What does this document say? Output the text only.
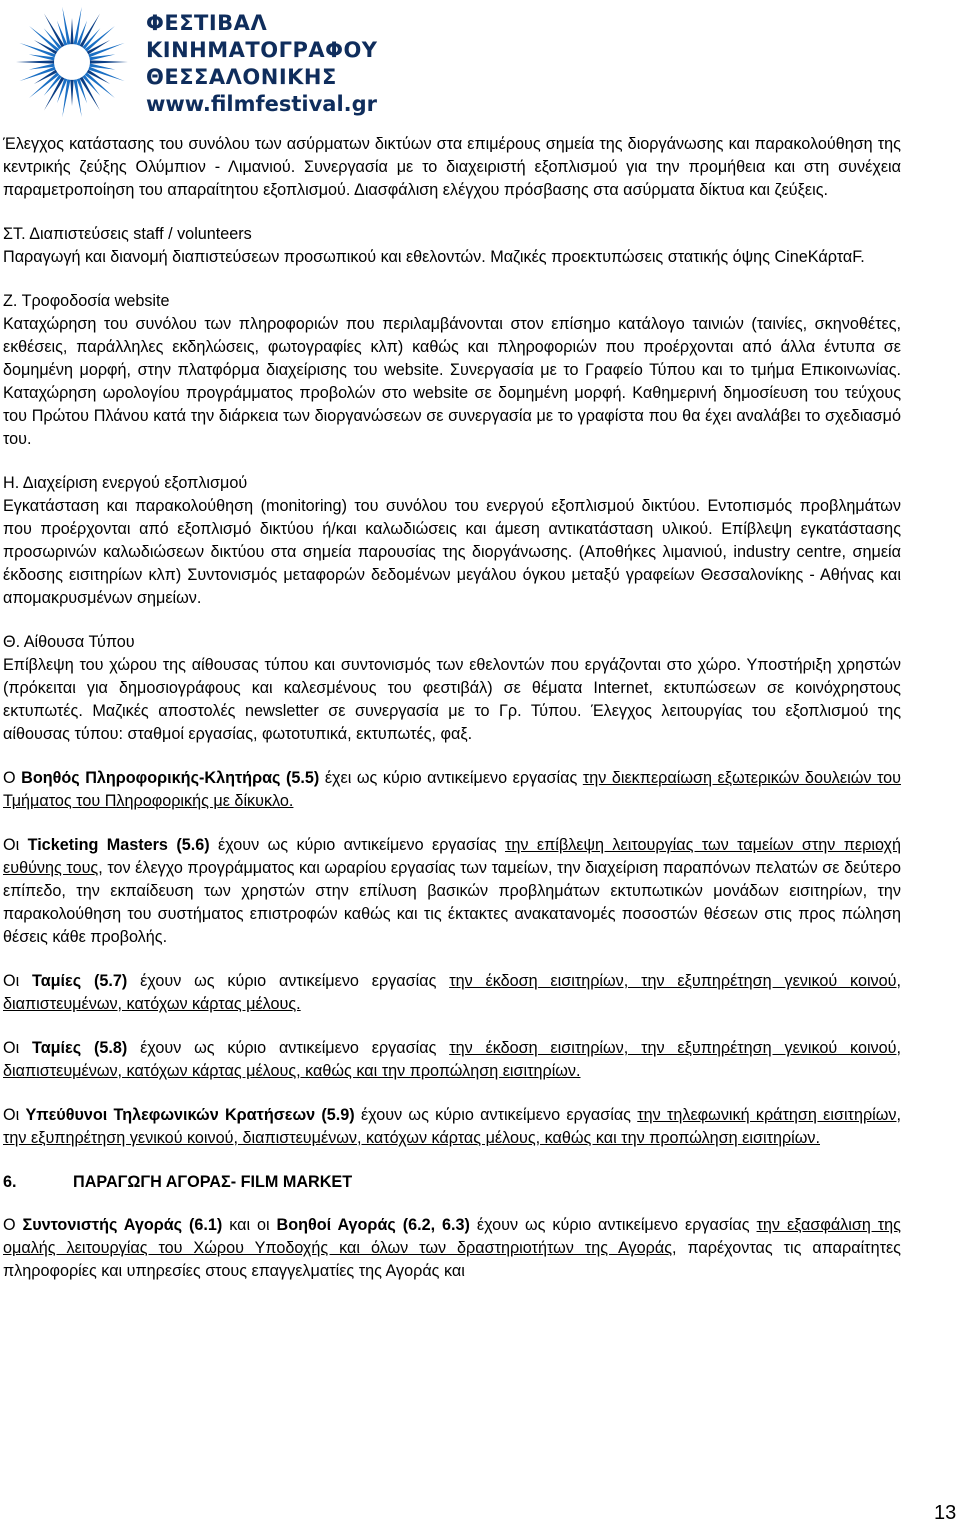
ΦΕΣΤΙΒΑΛ
ΚΙΝΗΜΑΤΟΓΡΑΦΟΥ
ΘΕΣΣΑΛΟΝΙΚΗΣ
www.filmfestival.gr

Έλεγχος κατάστασης του συνόλου των ασύρματων δικτύων στα επιμέρους σημεία της διοργάνωσης και παρακολούθηση της κεντρικής ζεύξης Ολύμπιον - Λιμανιού. Συνεργασία με το διαχειριστή εξοπλισμού για την προμήθεια και στη συνέχεια παραμετροποίηση του απαραίτητου εξοπλισμού. Διασφάλιση ελέγχου πρόσβασης στα ασύρματα δίκτυα και ζεύξεις.

ΣΤ. Διαπιστεύσεις staff / volunteers
Παραγωγή και διανομή διαπιστεύσεων προσωπικού και εθελοντών. Μαζικές προεκτυπώσεις στατικής όψης CineΚάρταF.

Ζ. Τροφοδοσία website
Καταχώρηση του συνόλου των πληροφοριών που περιλαμβάνονται στον επίσημο κατάλογο ταινιών (ταινίες, σκηνοθέτες, εκθέσεις, παράλληλες εκδηλώσεις, φωτογραφίες κλπ) καθώς και πληροφοριών που προέρχονται από άλλα έντυπα σε δομημένη μορφή, στην πλατφόρμα διαχείρισης του website. Συνεργασία με το Γραφείο Τύπου και το τμήμα Επικοινωνίας. Καταχώρηση ωρολογίου προγράμματος προβολών στο website σε δομημένη μορφή. Καθημερινή δημοσίευση του τεύχους του Πρώτου Πλάνου κατά την διάρκεια των διοργανώσεων σε συνεργασία με το γραφίστα που θα έχει αναλάβει το σχεδιασμό του.

Η. Διαχείριση ενεργού εξοπλισμού
Εγκατάσταση και παρακολούθηση (monitoring) του συνόλου του ενεργού εξοπλισμού δικτύου. Εντοπισμός προβλημάτων που προέρχονται από εξοπλισμό δικτύου ή/και καλωδιώσεις και άμεση αντικατάσταση υλικού. Επίβλεψη εγκατάστασης προσωρινών καλωδιώσεων δικτύου στα σημεία παρουσίας της διοργάνωσης. (Αποθήκες λιμανιού, industry centre, σημεία έκδοσης εισιτηρίων κλπ) Συντονισμός μεταφορών δεδομένων μεγάλου όγκου μεταξύ γραφείων Θεσσαλονίκης - Αθήνας και απομακρυσμένων σημείων.

Θ. Αίθουσα Τύπου
Επίβλεψη του χώρου της αίθουσας τύπου και συντονισμός των εθελοντών που εργάζονται στο χώρο. Υποστήριξη χρηστών (πρόκειται για δημοσιογράφους και καλεσμένους του φεστιβάλ) σε θέματα Internet, εκτυπώσεων σε κοινόχρηστους εκτυπωτές. Μαζικές αποστολές newsletter σε συνεργασία με το Γρ. Τύπου. Έλεγχος λειτουργίας του εξοπλισμού της αίθουσας τύπου: σταθμοί εργασίας, φωτοτυπικά, εκτυπωτές, φαξ.

Ο Βοηθός Πληροφορικής-Κλητήρας (5.5) έχει ως κύριο αντικείμενο εργασίας την διεκπεραίωση εξωτερικών δουλειών του Τμήματος του Πληροφορικής με δίκυκλο.

Οι Ticketing Masters (5.6) έχουν ως κύριο αντικείμενο εργασίας την επίβλεψη λειτουργίας των ταμείων στην περιοχή ευθύνης τους, τον έλεγχο προγράμματος και ωραρίου εργασίας των ταμείων, την διαχείριση παραπόνων πελατών σε δεύτερο επίπεδο, την εκπαίδευση των χρηστών στην επίλυση βασικών προβλημάτων εκτυπωτικών μονάδων εισιτηρίων, την παρακολούθηση του συστήματος επιστροφών καθώς και τις έκτακτες ανακατανομές ποσοστών θέσεων στις προς πώληση θέσεις κάθε προβολής.

Οι Ταμίες (5.7) έχουν ως κύριο αντικείμενο εργασίας την έκδοση εισιτηρίων, την εξυπηρέτηση γενικού κοινού, διαπιστευμένων, κατόχων κάρτας μέλους.

Οι Ταμίες (5.8) έχουν ως κύριο αντικείμενο εργασίας την έκδοση εισιτηρίων, την εξυπηρέτηση γενικού κοινού, διαπιστευμένων, κατόχων κάρτας μέλους, καθώς και την προπώληση εισιτηρίων.

Οι Υπεύθυνοι Τηλεφωνικών Κρατήσεων (5.9) έχουν ως κύριο αντικείμενο εργασίας την τηλεφωνική κράτηση εισιτηρίων, την εξυπηρέτηση γενικού κοινού, διαπιστευμένων, κατόχων κάρτας μέλους, καθώς και την προπώληση εισιτηρίων.

6.	ΠΑΡΑΓΩΓΗ ΑΓΟΡΑΣ- FILM MARKET

Ο Συντονιστής Αγοράς (6.1) και οι Βοηθοί Αγοράς (6.2, 6.3) έχουν ως κύριο αντικείμενο εργασίας την εξασφάλιση της ομαλής λειτουργίας του Χώρου Υποδοχής και όλων των δραστηριοτήτων της Αγοράς, παρέχοντας τις απαραίτητες πληροφορίες και υπηρεσίες στους επαγγελματίες της Αγοράς και

13
